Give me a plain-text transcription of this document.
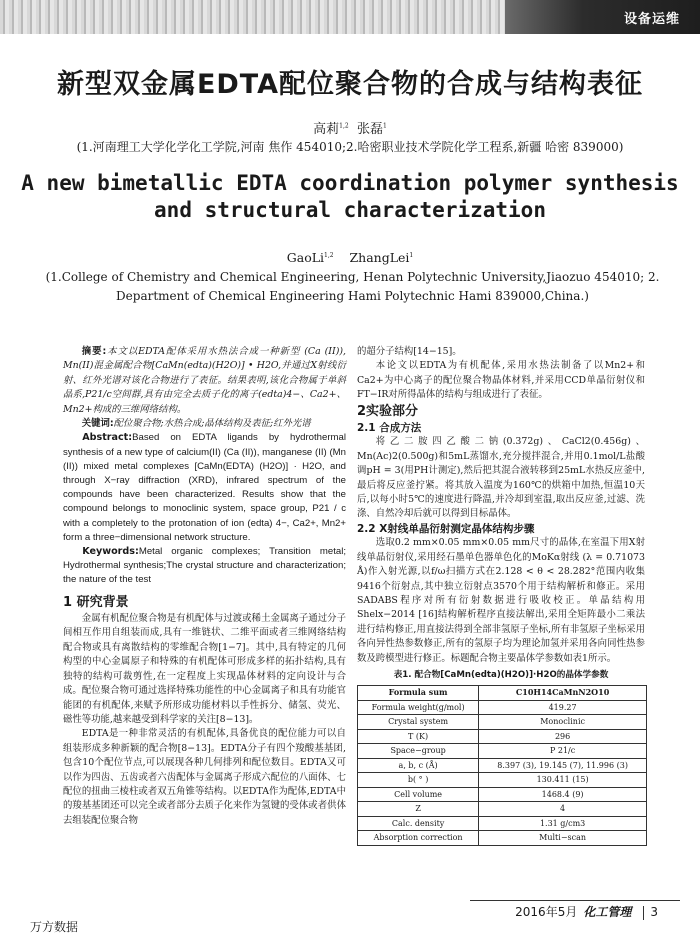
设备运维
新型双金属EDTA配位聚合物的合成与结构表征
高莉$^{1,2}$ 张磊$^1$
(1.河南理工大学化学化工学院,河南 焦作 454010;2.哈密职业技术学院化学工程系,新疆 哈密 839000)
A new bimetallic EDTA coordination polymer synthesis
and structural characterization
GaoLi$^{1,2}$ ZhangLei$^1$
(1.College of Chemistry and Chemical Engineering, Henan Polytechnic University,Jiaozuo 454010; 2. Department of Chemical Engineering Hami Polytechnic Hami 839000,China.)

摘要:本文以EDTA配体采用水热法合成一种新型 (Ca (II)), Mn(II)混金属配合物[CaMn(edta)(H2O)] • H2O,并通过X射线衍射、红外光谱对该化合物进行了表征。结果表明,该化合物属于单斜晶系,P21/c空间群,具有由完全去质子化的离子(edta)4−、Ca2+、Mn2+构成的三维网络结构。

关键词:配位聚合物;水热合成;晶体结构及表征;红外光谱

Abstract:Based on EDTA ligands by hydrothermal synthesis of a new type of calcium(II) (Ca (II)), manganese (II) (Mn (II)) mixed metal complexes [CaMn(EDTA) (H2O)] · H2O, and through X−ray diffraction (XRD), infrared spectrum of the compounds have been characterized. Results show that the compound belongs to monoclinic system, space group, P21 / c with a completely to the protonation of ion (edta) 4−, Ca2+, Mn2+ form a three−dimensional network structure.

Keywords:Metal organic complexes; Transition metal; Hydrothermal synthesis;The crystal structure and characterization; the nature of the test

1 研究背景

金属有机配位聚合物是有机配体与过渡或稀土金属离子通过分子间相互作用自组装而成,具有一维链状、二维平面或者三维网络结构配合物或具有离散结构的零维配合物[1−7]。其中,具有特定的几何构型的中心金属原子和特殊的有机配体可形成多样的拓扑结构,具有独特的结构可裁剪性,在一定程度上实现晶体材料的定向设计与合成。配位聚合物可通过选择特殊功能性的中心金属离子和具有功能官能团的有机配体,来赋予所形成功能材料以手性拆分、储氢、荧光、磁性等功能,越来越受到科学家的关注[8−13]。

EDTA是一种非常灵活的有机配体,具备优良的配位能力可以自组装形成多种新颖的配合物[8−13]。EDTA分子有四个羧酸基基团,包含10个配位节点,可以展现各种几何排列和配位数目。EDTA又可以作为四齿、五齿或者六齿配体与金属离子形成六配位的八面体、七配位的扭曲三棱柱或者双五角锥等结构。以EDTA作为配体,EDTA中的羧基基团还可以完全或者部分去质子化来作为氢键的受体或者供体去组装配位聚合物

的超分子结构[14−15]。

本论文以EDTA为有机配体,采用水热法制备了以Mn2+和Ca2+为中心离子的配位聚合物晶体材料,并采用CCD单晶衍射仪和FT−IR对所得晶体的结构与组成进行了表征。

2实验部分
2.1 合成方法

将乙二胺四乙酸二钠(0.372g)、CaCl2(0.456g)、Mn(Ac)2(0.500g)和5mL蒸馏水,充分搅拌混合,并用0.1mol/L盐酸调pH = 3(用PH计测定),然后把其混合液转移到25mL水热反应釜中,最后将反应釜拧紧。将其放入温度为160℃的烘箱中加热,恒温10天后,以每小时5℃的速度进行降温,并冷却到室温,取出反应釜,过滤、洗涤、自然冷却后就可以得到目标晶体。

2.2 X射线单晶衍射测定晶体结构步骤

选取0.2 mm×0.05 mm×0.05 mm尺寸的晶体,在室温下用X射线单晶衍射仪,采用经石墨单色器单色化的MoKα射线 (λ = 0.71073 Å)作入射光源,以f/ω扫描方式在2.128 < θ < 28.282°范围内收集9416个衍射点,其中独立衍射点3570个用于结构解析和修正。采用SADABS程序对所有衍射数据进行吸收校正。单晶结构用Shelx−2014 [16]结构解析程序直接法解出,采用全矩阵最小二乘法进行结构修正,用直接法得到全部非氢原子坐标,所有非氢原子坐标采用各向异性热参数修正,所有的氢原子均为理论加氢并采用各向同性热参数及跨模型进行修正。标题配合物主要晶体学参数如表1所示。

表1. 配合物[CaMn(edta)(H2O)]·H2O的晶体学参数
Formula sum	C10H14CaMnN2O10
Formula weight(g/mol)	419.27
Crystal system	Monoclinic
T (K)	296
Space−group	P 21/c
a, b, c (Å)	8.397 (3), 19.145 (7), 11.996 (3)
b( ° )	130.411 (15)
Cell volume	1468.4 (9)
Z	4
Calc. density	1.31 g/cm3
Absorption correction	Multi−scan
2016年5月 化工管理 3
万方数据
